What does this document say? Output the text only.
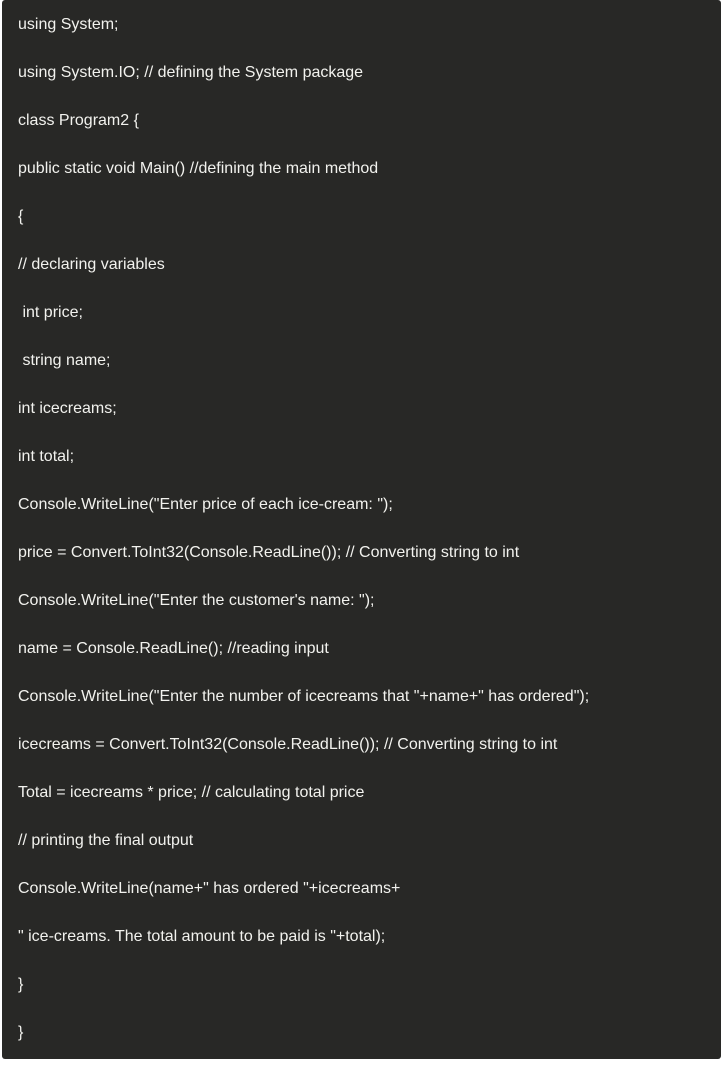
using System;
using System.IO; // defining the System package
class Program2 {
public static void Main() //defining the main method
{
// declaring variables
int price;
string name;
int icecreams;
int total;
Console.WriteLine("Enter price of each ice-cream: ");
price = Convert.ToInt32(Console.ReadLine()); // Converting string to int
Console.WriteLine("Enter the customer's name: ");
name = Console.ReadLine(); //reading input
Console.WriteLine("Enter the number of icecreams that "+name+" has ordered");
icecreams = Convert.ToInt32(Console.ReadLine()); // Converting string to int
Total = icecreams * price; // calculating total price
// printing the final output
Console.WriteLine(name+" has ordered "+icecreams+
" ice-creams. The total amount to be paid is "+total);
}
}
